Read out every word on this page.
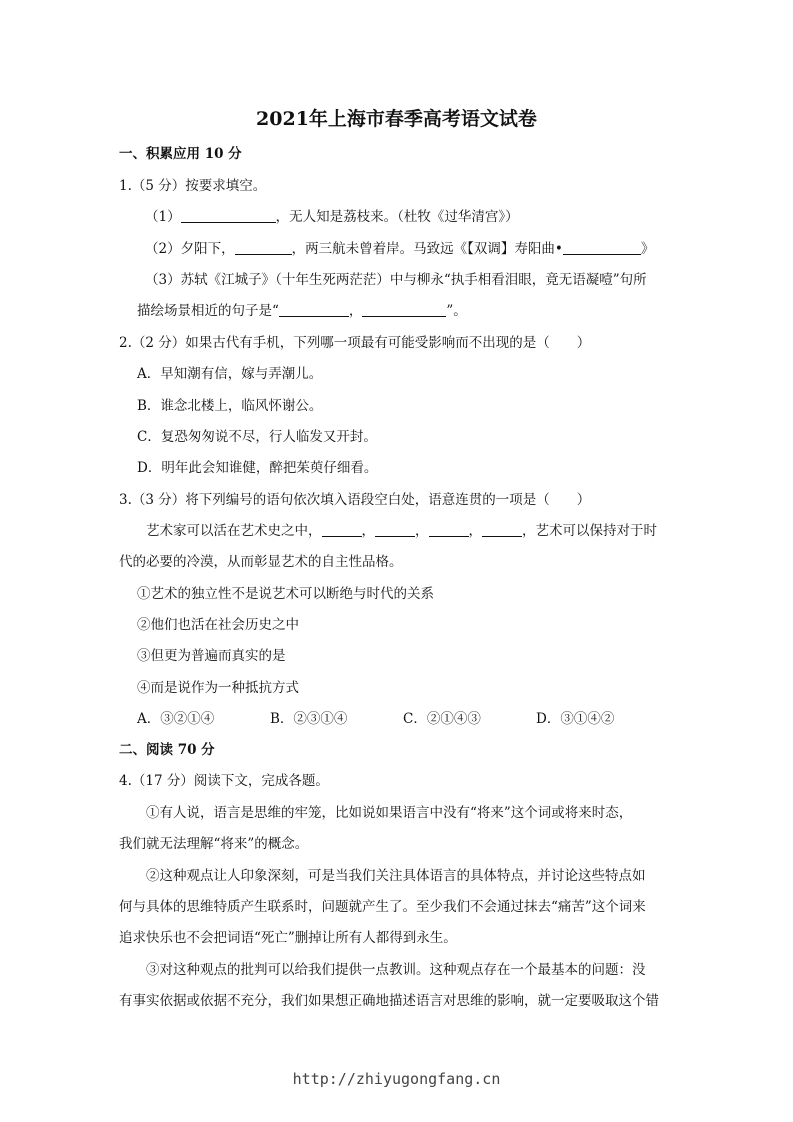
2021年上海市春季高考语文试卷
一、积累应用 10 分
1.（5 分）按要求填空。
（1）	，无人知是荔枝来。（杜牧《过华清宫》）
（2）夕阳下，	，两三航未曾着岸。马致远《【双调】寿阳曲•	》
（3）苏轼《江城子》（十年生死两茫茫）中与柳永“执手相看泪眼，竟无语凝噎”句所
描绘场景相近的句子是“	，	”。
2.（2 分）如果古代有手机，下列哪一项最有可能受影响而不出现的是（　　）
A．早知潮有信，嫁与弄潮儿。
B．谁念北楼上，临风怀谢公。
C．复恐匆匆说不尽，行人临发又开封。
D．明年此会知谁健，醉把茱萸仔细看。
3.（3 分）将下列编号的语句依次填入语段空白处，语意连贯的一项是（　　）
艺术家可以活在艺术史之中，	，	，	，	，艺术可以保持对于时
代的必要的冷漠，从而彰显艺术的自主性品格。
①艺术的独立性不是说艺术可以断绝与时代的关系
②他们也活在社会历史之中
③但更为普遍而真实的是
④而是说作为一种抵抗方式
A．③②①④	B．②③①④	C．②①④③	D．③①④②
二、阅读 70 分
4.（17 分）阅读下文，完成各题。
①有人说，语言是思维的牢笼，比如说如果语言中没有“将来”这个词或将来时态，
我们就无法理解“将来”的概念。
②这种观点让人印象深刻，可是当我们关注具体语言的具体特点，并讨论这些特点如
何与具体的思维特质产生联系时，问题就产生了。至少我们不会通过抹去“痛苦”这个词来
追求快乐也不会把词语“死亡”删掉让所有人都得到永生。
③对这种观点的批判可以给我们提供一点教训。这种观点存在一个最基本的问题：没
有事实依据或依据不充分，我们如果想正确地描述语言对思维的影响，就一定要吸取这个错
http://zhiyugongfang.cn
